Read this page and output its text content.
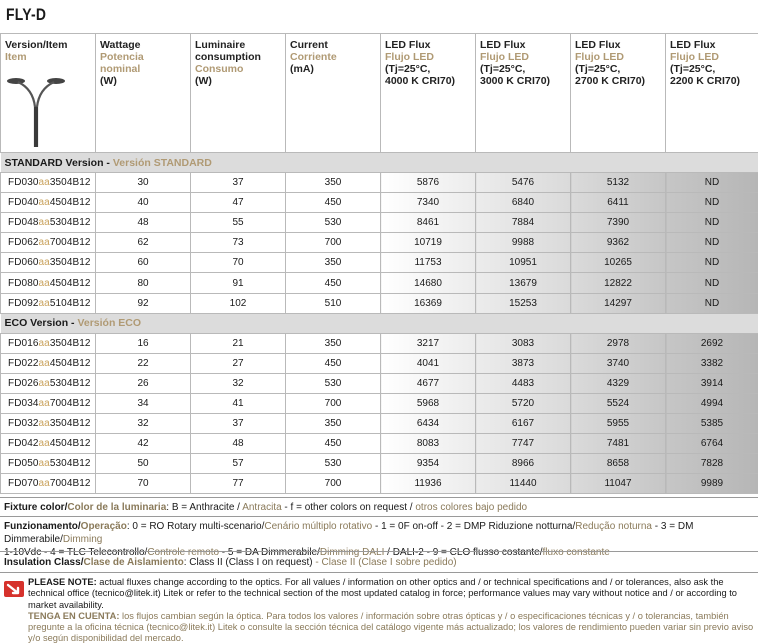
FLY-D
Version/Item
Item	Wattage
Potencia nominal
(W)	Luminaire consumption
Consumo
(W)	Current
Corriente
(mA)	LED Flux
Flujo LED
(Tj=25°C,
4000 K CRI70)	LED Flux
Flujo LED
(Tj=25°C,
3000 K CRI70)	LED Flux
Flujo LED
(Tj=25°C,
2700 K CRI70)	LED Flux
Flujo LED
(Tj=25°C,
2200 K CRI70)

STANDARD Version - Versión STANDARD							
FD030aa3504B12	30	37	350	5876	5476	5132	ND
FD040aa4504B12	40	47	450	7340	6840	6411	ND
FD048aa5304B12	48	55	530	8461	7884	7390	ND
FD062aa7004B12	62	73	700	10719	9988	9362	ND
FD060aa3504B12	60	70	350	11753	10951	10265	ND
FD080aa4504B12	80	91	450	14680	13679	12822	ND
FD092aa5104B12	92	102	510	16369	15253	14297	ND
ECO Version - Versión ECO							
FD016aa3504B12	16	21	350	3217	3083	2978	2692
FD022aa4504B12	22	27	450	4041	3873	3740	3382
FD026aa5304B12	26	32	530	4677	4483	4329	3914
FD034aa7004B12	34	41	700	5968	5720	5524	4994
FD032aa3504B12	32	37	350	6434	6167	5955	5385
FD042aa4504B12	42	48	450	8083	7747	7481	6764
FD050aa5304B12	50	57	530	9354	8966	8658	7828
FD070aa7004B12	70	77	700	11936	11440	11047	9989
Fixture color/Color de la luminaria: B = Anthracite / Antracita - f = other colors on request / otros colores bajo pedido
Funzionamento/Operação: 0 = RO Rotary multi-scenario/Cenário múltiplo rotativo - 1 = 0F on-off - 2 = DMP Riduzione notturna/Redução noturna - 3 = DM Dimmerabile/Dimming
1-10Vdc - 4 = TLC Telecontrollo/Controle remoto - 5 = DA Dimmerabile/Dimming DALI / DALI-2 - 9 = CLO flusso costante/fluxo constante
Insulation Class/Clase de Aislamiento: Class II (Class I on request) - Clase II (Clase I sobre pedido)
PLEASE NOTE: actual fluxes change according to the optics. For all values / information on other optics and / or technical specifications and / or tolerances, also ask the technical office (tecnico@litek.it) Litek or refer to the technical section of the most updated catalog in force; performance values may vary without notice and / or according to market availability.
TENGA EN CUENTA: los flujos cambian según la óptica. Para todos los valores / información sobre otras ópticas y / o especificaciones técnicas y / o tolerancias, también pregunte a la oficina técnica (tecnico@litek.it) Litek o consulte la sección técnica del catálogo vigente más actualizado; los valores de rendimiento pueden variar sin previo aviso y/o según disponibilidad del mercado.
